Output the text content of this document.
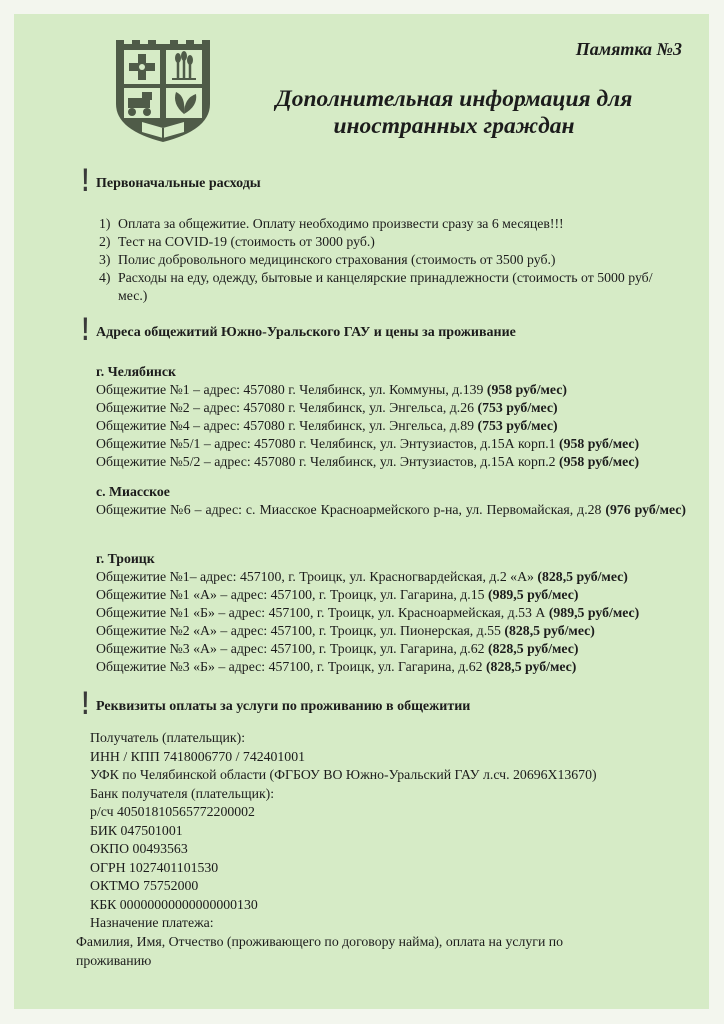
Памятка №3

Дополнительная информация для
иностранных граждан
! Первоначальные расходы
1) Оплата за общежитие. Оплату необходимо произвести сразу за 6 месяцев!!!
2) Тест на COVID-19 (стоимость от 3000 руб.)
3) Полис добровольного медицинского страхования (стоимость от 3500 руб.)
4) Расходы на еду, одежду, бытовые и канцелярские принадлежности (стоимость от 5000 руб/мес.)
! Адреса общежитий Южно-Уральского ГАУ и цены за проживание
г. Челябинск
Общежитие №1 – адрес: 457080 г. Челябинск, ул. Коммуны, д.139 (958 руб/мес)
Общежитие №2 – адрес: 457080 г. Челябинск, ул. Энгельса, д.26 (753 руб/мес)
Общежитие №4 – адрес: 457080 г. Челябинск, ул. Энгельса, д.89 (753 руб/мес)
Общежитие №5/1 – адрес: 457080 г. Челябинск, ул. Энтузиастов, д.15А корп.1 (958 руб/мес)
Общежитие №5/2 – адрес: 457080 г. Челябинск, ул. Энтузиастов, д.15А корп.2 (958 руб/мес)
с. Миасское
Общежитие №6 – адрес: с. Миасское Красноармейского р-на, ул. Первомайская, д.28 (976 руб/мес)
г. Троицк
Общежитие №1– адрес: 457100, г. Троицк, ул. Красногвардейская, д.2 «А» (828,5 руб/мес)
Общежитие №1 «А» – адрес: 457100, г. Троицк, ул. Гагарина, д.15 (989,5 руб/мес)
Общежитие №1 «Б» – адрес: 457100, г. Троицк, ул. Красноармейская, д.53 А (989,5 руб/мес)
Общежитие №2 «А» – адрес: 457100, г. Троицк, ул. Пионерская, д.55 (828,5 руб/мес)
Общежитие №3 «А» – адрес: 457100, г. Троицк, ул. Гагарина, д.62 (828,5 руб/мес)
Общежитие №3 «Б» – адрес: 457100, г. Троицк, ул. Гагарина, д.62 (828,5 руб/мес)
! Реквизиты оплаты за услуги по проживанию в общежитии
Получатель (плательщик):
ИНН / КПП 7418006770 / 742401001
УФК по Челябинской области (ФГБОУ ВО Южно-Уральский ГАУ л.сч. 20696Х13670)
Банк получателя (плательщик):
р/сч 40501810565772200002
БИК 047501001
ОКПО 00493563
ОГРН 1027401101530
ОКТМО 75752000
КБК 00000000000000000130
Назначение платежа:
Фамилия, Имя, Отчество (проживающего по договору найма), оплата на услуги по проживанию
